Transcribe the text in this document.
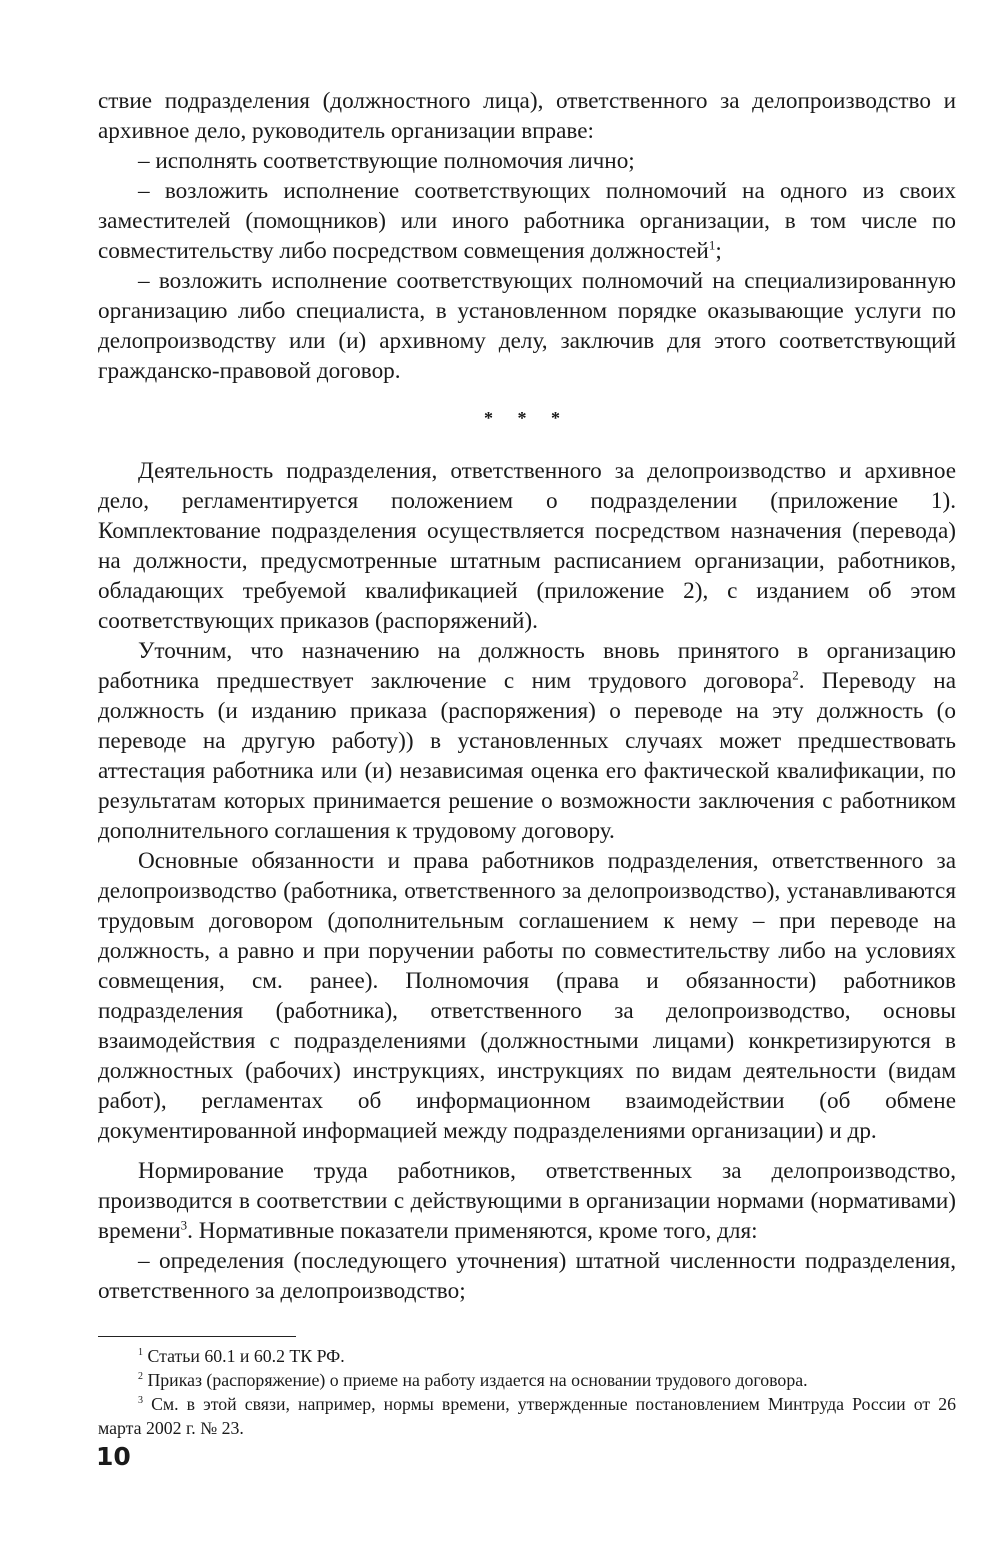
ствие подразделения (должностного лица), ответственного за делопроизводство и архивное дело, руководитель организации вправе:

– исполнять соответствующие полномочия лично;

– возложить исполнение соответствующих полномочий на одного из своих заместителей (помощников) или иного работника организации, в том числе по совместительству либо посредством совмещения должностей$^1$;

– возложить исполнение соответствующих полномочий на специализированную организацию либо специалиста, в установленном порядке оказывающие услуги по делопроизводству или (и) архивному делу, заключив для этого соответствующий гражданско-правовой договор.

* * *

Деятельность подразделения, ответственного за делопроизводство и архивное дело, регламентируется положением о подразделении (приложение 1). Комплектование подразделения осуществляется посредством назначения (перевода) на должности, предусмотренные штатным расписанием организации, работников, обладающих требуемой квалификацией (приложение 2), с изданием об этом соответствующих приказов (распоряжений).

Уточним, что назначению на должность вновь принятого в организацию работника предшествует заключение с ним трудового договора$^2$. Переводу на должность (и изданию приказа (распоряжения) о переводе на эту должность (о переводе на другую работу)) в установленных случаях может предшествовать аттестация работника или (и) независимая оценка его фактической квалификации, по результатам которых принимается решение о возможности заключения с работником дополнительного соглашения к трудовому договору.

Основные обязанности и права работников подразделения, ответственного за делопроизводство (работника, ответственного за делопроизводство), устанавливаются трудовым договором (дополнительным соглашением к нему – при переводе на должность, а равно и при поручении работы по совместительству либо на условиях совмещения, см. ранее). Полномочия (права и обязанности) работников подразделения (работника), ответственного за делопроизводство, основы взаимодействия с подразделениями (должностными лицами) конкретизируются в должностных (рабочих) инструкциях, инструкциях по видам деятельности (видам работ), регламентах об информационном взаимодействии (об обмене документированной информацией между подразделениями организации) и др.

Нормирование труда работников, ответственных за делопроизводство, производится в соответствии с действующими в организации нормами (нормативами) времени$^3$. Нормативные показатели применяются, кроме того, для:

– определения (последующего уточнения) штатной численности подразделения, ответственного за делопроизводство;

$^1$ Статьи 60.1 и 60.2 ТК РФ.

$^2$ Приказ (распоряжение) о приеме на работу издается на основании трудового договора.

$^3$ См. в этой связи, например, нормы времени, утвержденные постановлением Минтруда России от 26 марта 2002 г. № 23.

10
